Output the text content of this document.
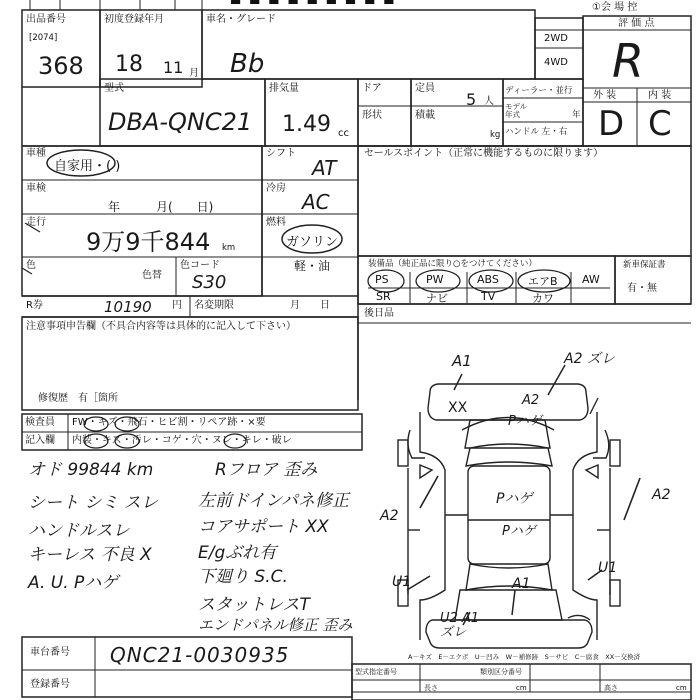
▬ ▬ ▬ ▬ ▬ ▬ ▬ ▬ ▬
出品番号
[2074]
368
初度登録年月
18 11 月
車名・グレード
Bb
2WD
4WD
①会 場 控
評 価 点
R
外 装	内 装
D C
型式
DBA-QNC21
排気量
1.49 cc
ドア	定員
5 人
ディーラー・並行
モデル年式	年
形状	積載
kg ハンドル 左・右
車種
自家用・( )
シフト
AT
車検
年　　　月(　　日)
冷房
AC
走行
9万9千844 km
燃料
ガソリン
軽・油
色
色替
色コード
S30
R券	10190 円 名変期限	月　　日
セールスポイント（正常に機能するものに限ります）
装備品（純正品に限り○をつけてください）
PS	PW	ABS	エアB AW
SR	ナビ	TV	カワ
新車保証書
有・無
後日品
注意事項申告欄（不具合内容等は具体的に記入して下さい）
修復歴　有［箇所
検査員
記入欄
FW・キズ・飛石・ヒビ割・リペア跡・×要
内装・キズ・汚レ・コゲ・穴・ヌレ・キレ・破レ
オド 99844 km
シート シミ スレ
ハンドルスレ
キーレス 不良 X
A. U. Pハゲ
Rフロア 歪み
左前ドインパネ修正
コアサポート XX
E/gぶれ有
下廻り S.C.
スタットレスT
エンドパネル修正 歪み
A1	A2 ズレ
XX	A2
Pハゲ
Pハゲ
Pハゲ
A2
A2
U1	A1
U2 A1 ズレ
U1
車台番号 QNC21-0030935
登録番号
A－キズ　E－エクボ　U－凹み　W－補修跡　S－サビ　C－腐食　XX－交換済
型式指定番号	類別区分番号
長さ	cm	高さ	cm
